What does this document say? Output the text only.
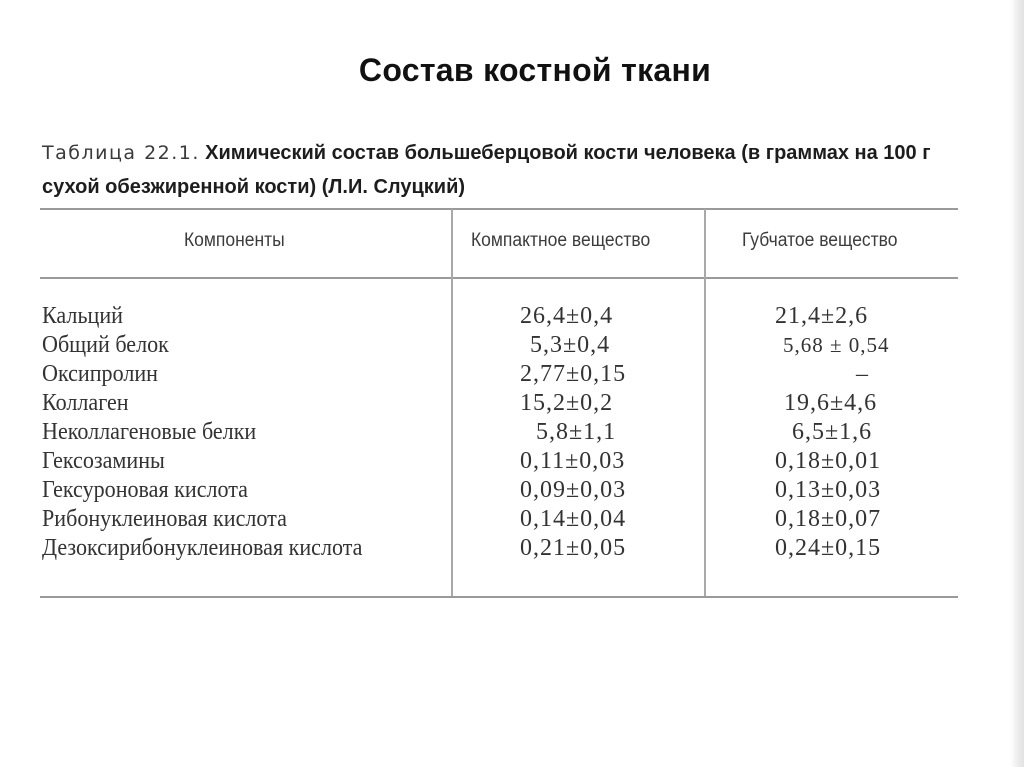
Состав костной ткани
Таблица 22.1. Химический состав большеберцовой кости человека (в граммах на 100 г сухой обезжиренной кости) (Л.И. Слуцкий)
Компоненты	Компактное вещество	Губчатое вещество
Кальций	26,4±0,4	21,4±2,6
Общий белок	5,3±0,4	5,68 ± 0,54
Оксипролин	2,77±0,15	–
Коллаген	15,2±0,2	19,6±4,6
Неколлагеновые белки	5,8±1,1	6,5±1,6
Гексозамины	0,11±0,03	0,18±0,01
Гексуроновая кислота	0,09±0,03	0,13±0,03
Рибонуклеиновая кислота	0,14±0,04	0,18±0,07
Дезоксирибонуклеиновая кислота	0,21±0,05	0,24±0,15
